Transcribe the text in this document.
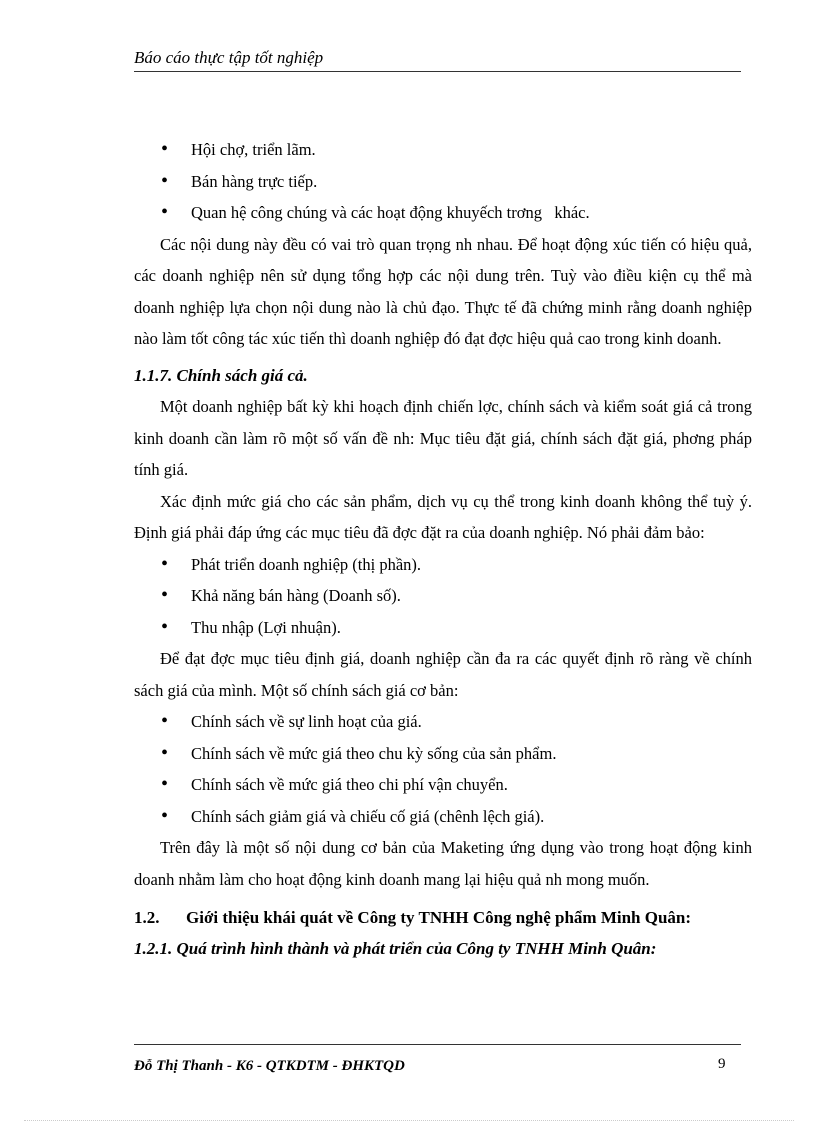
Báo cáo thực tập tốt nghiệp
•	Hội chợ, triển lãm.
•	Bán hàng trực tiếp.
•	Quan hệ công chúng và các hoạt động khuyếch trơng   khác.

Các nội dung này đều có vai trò quan trọng nh nhau. Để hoạt động xúc tiến có hiệu quả, các doanh nghiệp nên sử dụng tổng hợp các nội dung trên. Tuỳ vào điều kiện cụ thể mà doanh nghiệp lựa chọn nội dung nào là chủ đạo. Thực tế đã chứng minh rằng doanh nghiệp nào làm tốt công tác xúc tiến thì doanh nghiệp đó đạt đợc hiệu quả cao trong kinh doanh.

1.1.7. Chính sách giá cả.

Một doanh nghiệp bất kỳ khi hoạch định chiến lợc, chính sách và kiểm soát giá cả trong kinh doanh cần làm rõ một số vấn đề nh: Mục tiêu đặt giá, chính sách đặt giá, phơng pháp tính giá.

Xác định mức giá cho các sản phẩm, dịch vụ cụ thể trong kinh doanh không thể tuỳ ý. Định giá phải đáp ứng các mục tiêu đã đợc đặt ra của doanh nghiệp. Nó phải đảm bảo:

•	Phát triển doanh nghiệp (thị phần).
•	Khả năng bán hàng (Doanh số).
•	Thu nhập (Lợi nhuận).

Để đạt đợc mục tiêu định giá, doanh nghiệp cần đa ra các quyết định rõ ràng về chính sách giá của mình. Một số chính sách giá cơ bản:

•	Chính sách về sự linh hoạt của giá.
•	Chính sách về mức giá theo chu kỳ sống của sản phẩm.
•	Chính sách về mức giá theo chi phí vận chuyển.
•	Chính sách giảm giá và chiếu cố giá (chênh lệch giá).

Trên đây là một số nội dung cơ bản của Maketing ứng dụng vào trong hoạt động kinh doanh nhằm làm cho hoạt động kinh doanh mang lại hiệu quả nh mong muốn.

1.2.	Giới thiệu khái quát về Công ty TNHH Công nghệ phẩm Minh Quân:
1.2.1. Quá trình hình thành và phát triển của Công ty TNHH Minh Quân:
Đỗ Thị Thanh - K6 - QTKDTM - ĐHKTQD	9
